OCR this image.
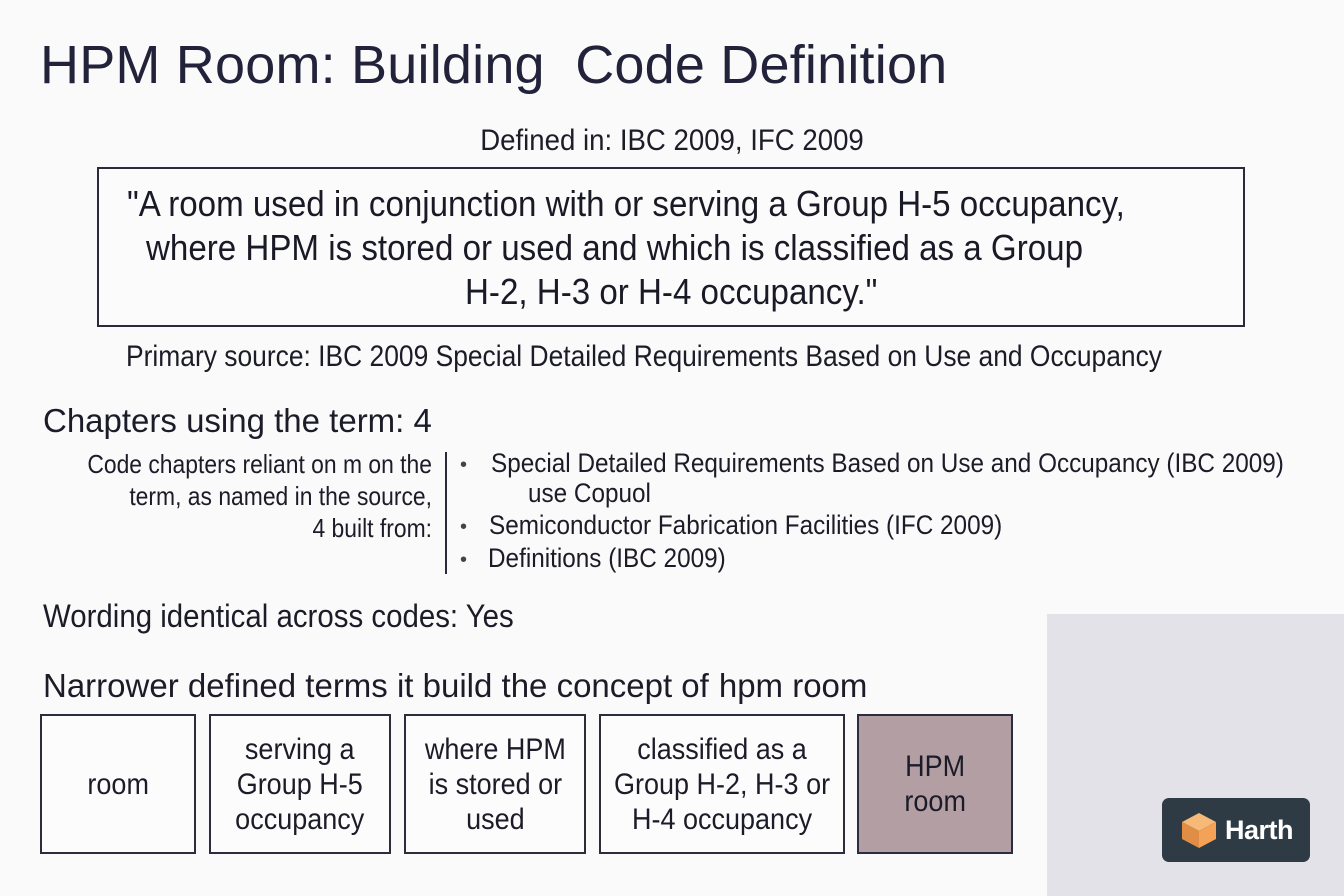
HPM Room: Building  Code Definition
Defined in: IBC 2009, IFC 2009
"A room used in conjunction with or serving a Group H-5 occupancy,
where HPM is stored or used and which is classified as a Group
H-2, H-3 or H-4 occupancy."
Primary source: IBC 2009 Special Detailed Requirements Based on Use and Occupancy
Chapters using the term: 4
Code chapters reliant on m on the
term, as named in the source,
4 built from:
• Special Detailed Requirements Based on Use and Occupancy (IBC 2009)
use Copuol
• Semiconductor Fabrication Facilities (IFC 2009)
• Definitions (IBC 2009)
Wording identical across codes: Yes
Narrower defined terms it build the concept of hpm room
room
serving a
Group H-5
occupancy
where HPM
is stored or
used
classified as a
Group H-2, H-3 or
H-4 occupancy
HPM
room
Harth
